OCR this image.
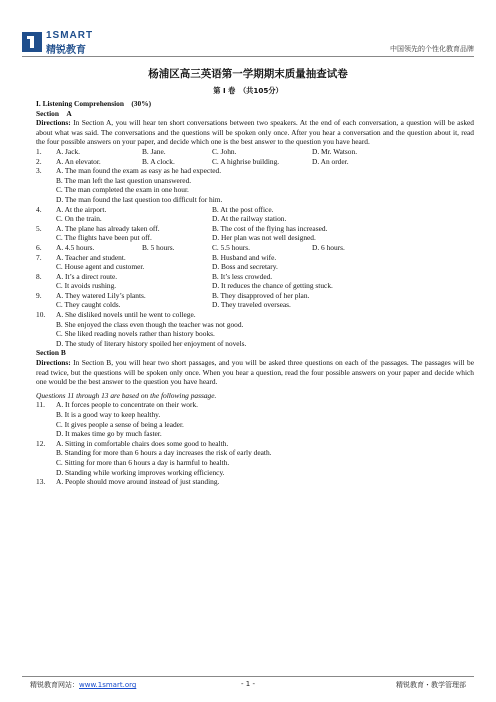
1SMART
精锐教育	中国领先的个性化教育品牌
杨浦区高三英语第一学期期末质量抽查试卷
第 I 卷　（共105分）
I. Listening Comprehension　(30%)
Section　A

Directions: In Section A, you will hear ten short conversations between two speakers. At the end of each conversation, a question will be asked about what was said. The conversations and the questions will be spoken only once. After you hear a conversation and the question about it, read the four possible answers on your paper, and decide which one is the best answer to the question you have heard.

1. A. Jack.	B. Jane.	C. John.	D. Mr. Watson.
2. A. An elevator.	B. A clock.	C. A highrise building.	D. An order.
3. A. The man found the exam as easy as he had expected.
B. The man left the last question unanswered.
C. The man completed the exam in one hour.
D. The man found the last question too difficult for him.
4. A. At the airport.	B. At the post office.
C. On the train.	D. At the railway station.
5. A. The plane has already taken off.	B. The cost of the flying has increased.
C. The flights have been put off.	D. Her plan was not well designed.
6. A. 4.5 hours.	B. 5 hours.	C. 5.5 hours.	D. 6 hours.
7. A. Teacher and student.	B. Husband and wife.
C. House agent and customer.	D. Boss and secretary.
8. A. It’s a direct route.	B. It’s less crowded.
C. It avoids rushing.	D. It reduces the chance of getting stuck.
9. A. They watered Lily’s plants.	B. They disapproved of her plan.
C. They caught colds.	D. They traveled overseas.
10. A. She disliked novels until he went to college.
B. She enjoyed the class even though the teacher was not good.
C. She liked reading novels rather than history books.
D. The study of literary history spoiled her enjoyment of novels.
Section B

Directions: In Section B, you will hear two short passages, and you will be asked three questions on each of the passages. The passages will be read twice, but the questions will be spoken only once. When you hear a question, read the four possible answers on your paper and decide which one would be the best answer to the question you have heard.

Questions 11 through 13 are based on the following passage.
11. A. It forces people to concentrate on their work.
B. It is a good way to keep healthy.
C. It gives people a sense of being a leader.
D. It makes time go by much faster.
12. A. Sitting in comfortable chairs does some good to health.
B. Standing for more than 6 hours a day increases the risk of early death.
C. Sitting for more than 6 hours a day is harmful to health.
D. Standing while working improves working efficiency.
13. A. People should move around instead of just standing.
精锐教育网站：www.1smart.org	- 1 -	精锐教育・教学管理部
